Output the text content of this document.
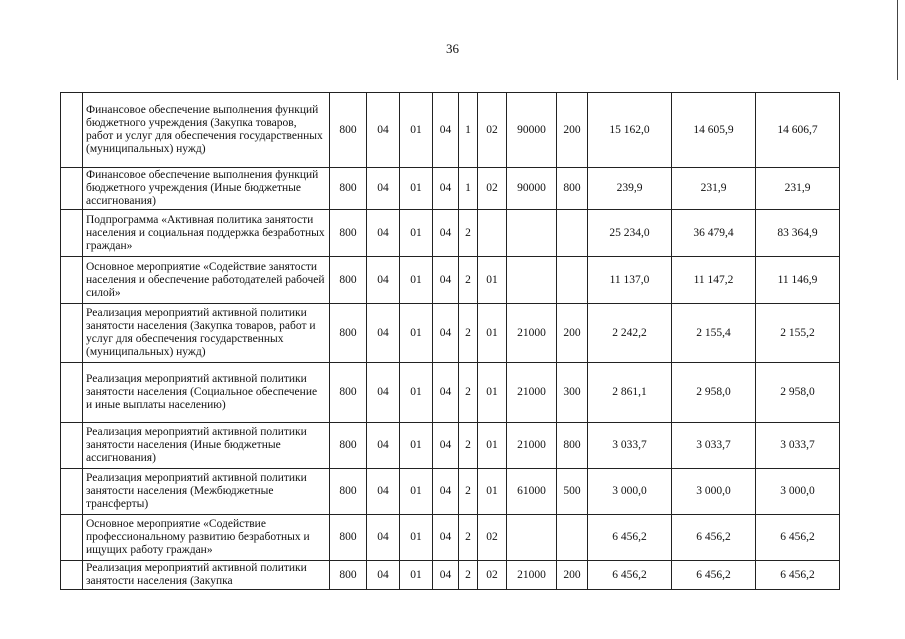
36
	Финансовое обеспечение выполнения функций бюджетного учреждения (Закупка товаров, работ и услуг для обеспечения государственных (муниципальных) нужд)	800	04	01	04	1	02	90000	200	15 162,0	14 605,9	14 606,7
	Финансовое обеспечение выполнения функций бюджетного учреждения (Иные бюджетные ассигнования)	800	04	01	04	1	02	90000	800	239,9	231,9	231,9
	Подпрограмма «Активная политика занятости населения и социальная поддержка безработных граждан»	800	04	01	04	2				25 234,0	36 479,4	83 364,9
	Основное мероприятие «Содействие занятости населения и обеспечение работодателей рабочей силой»	800	04	01	04	2	01			11 137,0	11 147,2	11 146,9
	Реализация мероприятий активной политики занятости населения (Закупка товаров, работ и услуг для обеспечения государственных (муниципальных) нужд)	800	04	01	04	2	01	21000	200	2 242,2	2 155,4	2 155,2
	Реализация мероприятий активной политики занятости населения (Социальное обеспечение и иные выплаты населению)	800	04	01	04	2	01	21000	300	2 861,1	2 958,0	2 958,0
	Реализация мероприятий активной политики занятости населения (Иные бюджетные ассигнования)	800	04	01	04	2	01	21000	800	3 033,7	3 033,7	3 033,7
	Реализация мероприятий активной политики занятости населения (Межбюджетные трансферты)	800	04	01	04	2	01	61000	500	3 000,0	3 000,0	3 000,0
	Основное мероприятие «Содействие профессиональному развитию безработных и ищущих работу граждан»	800	04	01	04	2	02			6 456,2	6 456,2	6 456,2
	Реализация мероприятий активной политики занятости населения (Закупка	800	04	01	04	2	02	21000	200	6 456,2	6 456,2	6 456,2
